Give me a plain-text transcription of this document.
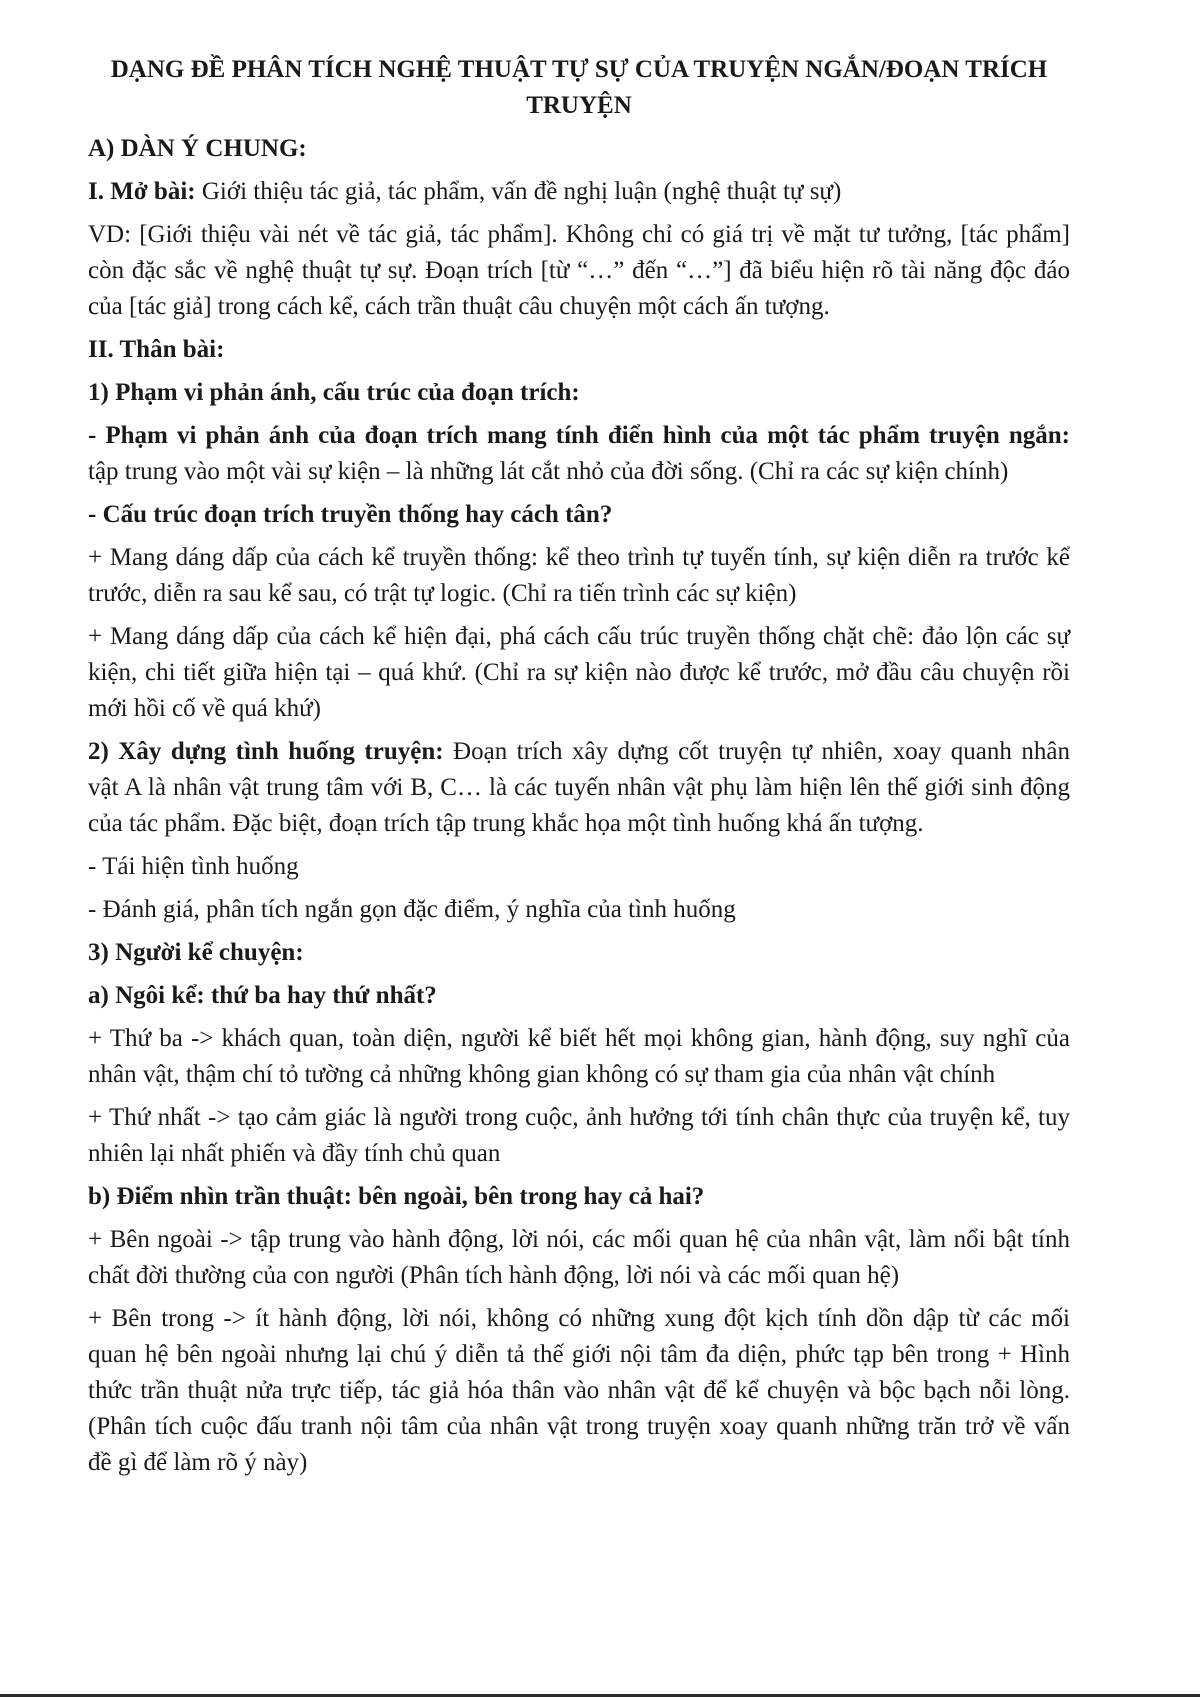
DẠNG ĐỀ PHÂN TÍCH NGHỆ THUẬT TỰ SỰ CỦA TRUYỆN NGẮN/ĐOẠN TRÍCH
TRUYỆN
A) DÀN Ý CHUNG:
I. Mở bài: Giới thiệu tác giả, tác phẩm, vấn đề nghị luận (nghệ thuật tự sự)
VD: [Giới thiệu vài nét về tác giả, tác phẩm]. Không chỉ có giá trị về mặt tư tưởng, [tác phẩm]
còn đặc sắc về nghệ thuật tự sự. Đoạn trích [từ “…” đến “…”] đã biểu hiện rõ tài năng độc đáo
của [tác giả] trong cách kể, cách trần thuật câu chuyện một cách ấn tượng.
II. Thân bài:
1) Phạm vi phản ánh, cấu trúc của đoạn trích:
- Phạm vi phản ánh của đoạn trích mang tính điển hình của một tác phẩm truyện ngắn:
tập trung vào một vài sự kiện – là những lát cắt nhỏ của đời sống. (Chỉ ra các sự kiện chính)
- Cấu trúc đoạn trích truyền thống hay cách tân?
+ Mang dáng dấp của cách kể truyền thống: kể theo trình tự tuyến tính, sự kiện diễn ra trước kể
trước, diễn ra sau kể sau, có trật tự logic. (Chỉ ra tiến trình các sự kiện)
+ Mang dáng dấp của cách kể hiện đại, phá cách cấu trúc truyền thống chặt chẽ: đảo lộn các sự
kiện, chi tiết giữa hiện tại – quá khứ. (Chỉ ra sự kiện nào được kể trước, mở đầu câu chuyện rồi
mới hồi cố về quá khứ)
2) Xây dựng tình huống truyện: Đoạn trích xây dựng cốt truyện tự nhiên, xoay quanh nhân
vật A là nhân vật trung tâm với B, C… là các tuyến nhân vật phụ làm hiện lên thế giới sinh động
của tác phẩm. Đặc biệt, đoạn trích tập trung khắc họa một tình huống khá ấn tượng.
- Tái hiện tình huống
- Đánh giá, phân tích ngắn gọn đặc điểm, ý nghĩa của tình huống
3) Người kể chuyện:
a) Ngôi kể: thứ ba hay thứ nhất?
+ Thứ ba -> khách quan, toàn diện, người kể biết hết mọi không gian, hành động, suy nghĩ của
nhân vật, thậm chí tỏ tường cả những không gian không có sự tham gia của nhân vật chính
+ Thứ nhất -> tạo cảm giác là người trong cuộc, ảnh hưởng tới tính chân thực của truyện kể, tuy
nhiên lại nhất phiến và đầy tính chủ quan
b) Điểm nhìn trần thuật: bên ngoài, bên trong hay cả hai?
+ Bên ngoài -> tập trung vào hành động, lời nói, các mối quan hệ của nhân vật, làm nổi bật tính
chất đời thường của con người (Phân tích hành động, lời nói và các mối quan hệ)
+ Bên trong -> ít hành động, lời nói, không có những xung đột kịch tính dồn dập từ các mối
quan hệ bên ngoài nhưng lại chú ý diễn tả thế giới nội tâm đa diện, phức tạp bên trong + Hình
thức trần thuật nửa trực tiếp, tác giả hóa thân vào nhân vật để kể chuyện và bộc bạch nỗi lòng.
(Phân tích cuộc đấu tranh nội tâm của nhân vật trong truyện xoay quanh những trăn trở về vấn
đề gì để làm rõ ý này)
